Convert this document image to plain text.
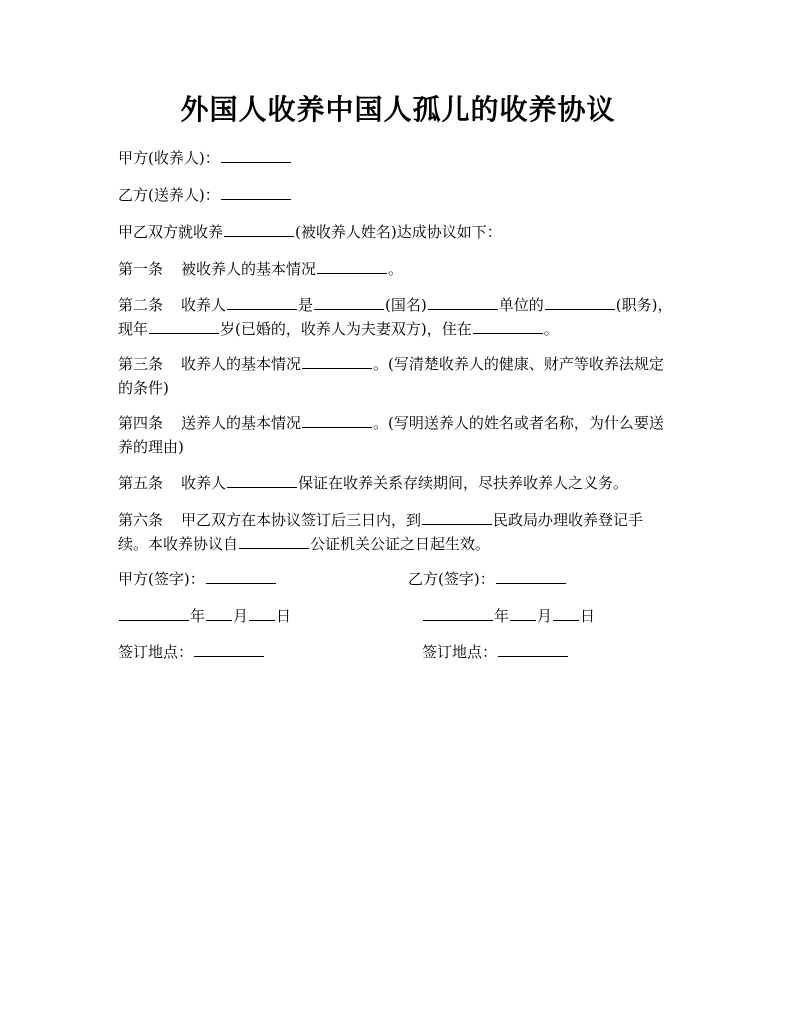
外国人收养中国人孤儿的收养协议
甲方(收养人)：
乙方(送养人)：
甲乙双方就收养	(被收养人姓名)达成协议如下：
第一条 被收养人的基本情况	。
第二条 收养人	是	(国名)	单位的	(职务)，
现年	岁(已婚的，收养人为夫妻双方)，住在	。
第三条 收养人的基本情况	。(写清楚收养人的健康、财产等收养法规定
的条件)
第四条 送养人的基本情况	。(写明送养人的姓名或者名称，为什么要送
养的理由)
第五条 收养人	保证在收养关系存续期间，尽扶养收养人之义务。
第六条 甲乙双方在本协议签订后三日内，到	民政局办理收养登记手
续。本收养协议自	公证机关公证之日起生效。
甲方(签字)：	乙方(签字)：
年 月 日	年 月 日
签订地点：	签订地点：
